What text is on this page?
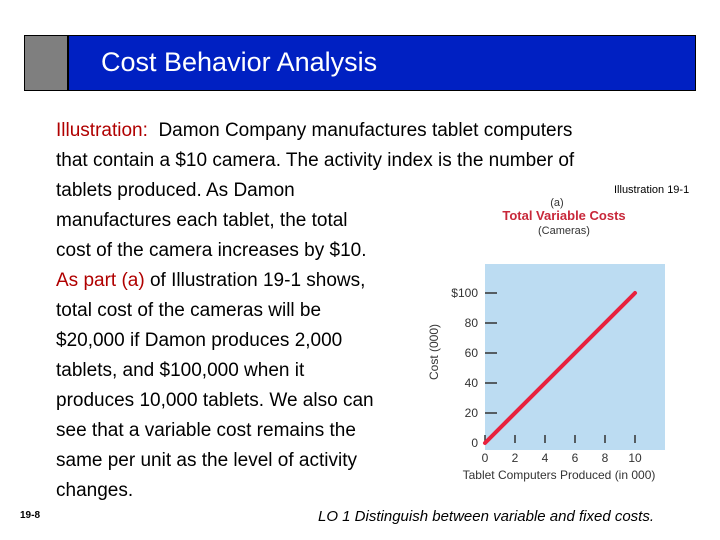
Cost Behavior Analysis
Illustration: Damon Company manufactures tablet computers
that contain a $10 camera. The activity index is the number of
tablets produced. As Damon
manufactures each tablet, the total
cost of the camera increases by $10.
As part (a) of Illustration 19-1 shows,
total cost of the cameras will be
$20,000 if Damon produces 2,000
tablets, and $100,000 when it
produces 10,000 tablets. We also can
see that a variable cost remains the
same per unit as the level of activity
changes.
Illustration 19-1
(a)
Total Variable Costs
(Cameras)
0 2 4 6 8 10
0
20
40
60
80
$100
Cost (000)
Tablet Computers Produced (in 000)
19-8	LO 1 Distinguish between variable and fixed costs.
